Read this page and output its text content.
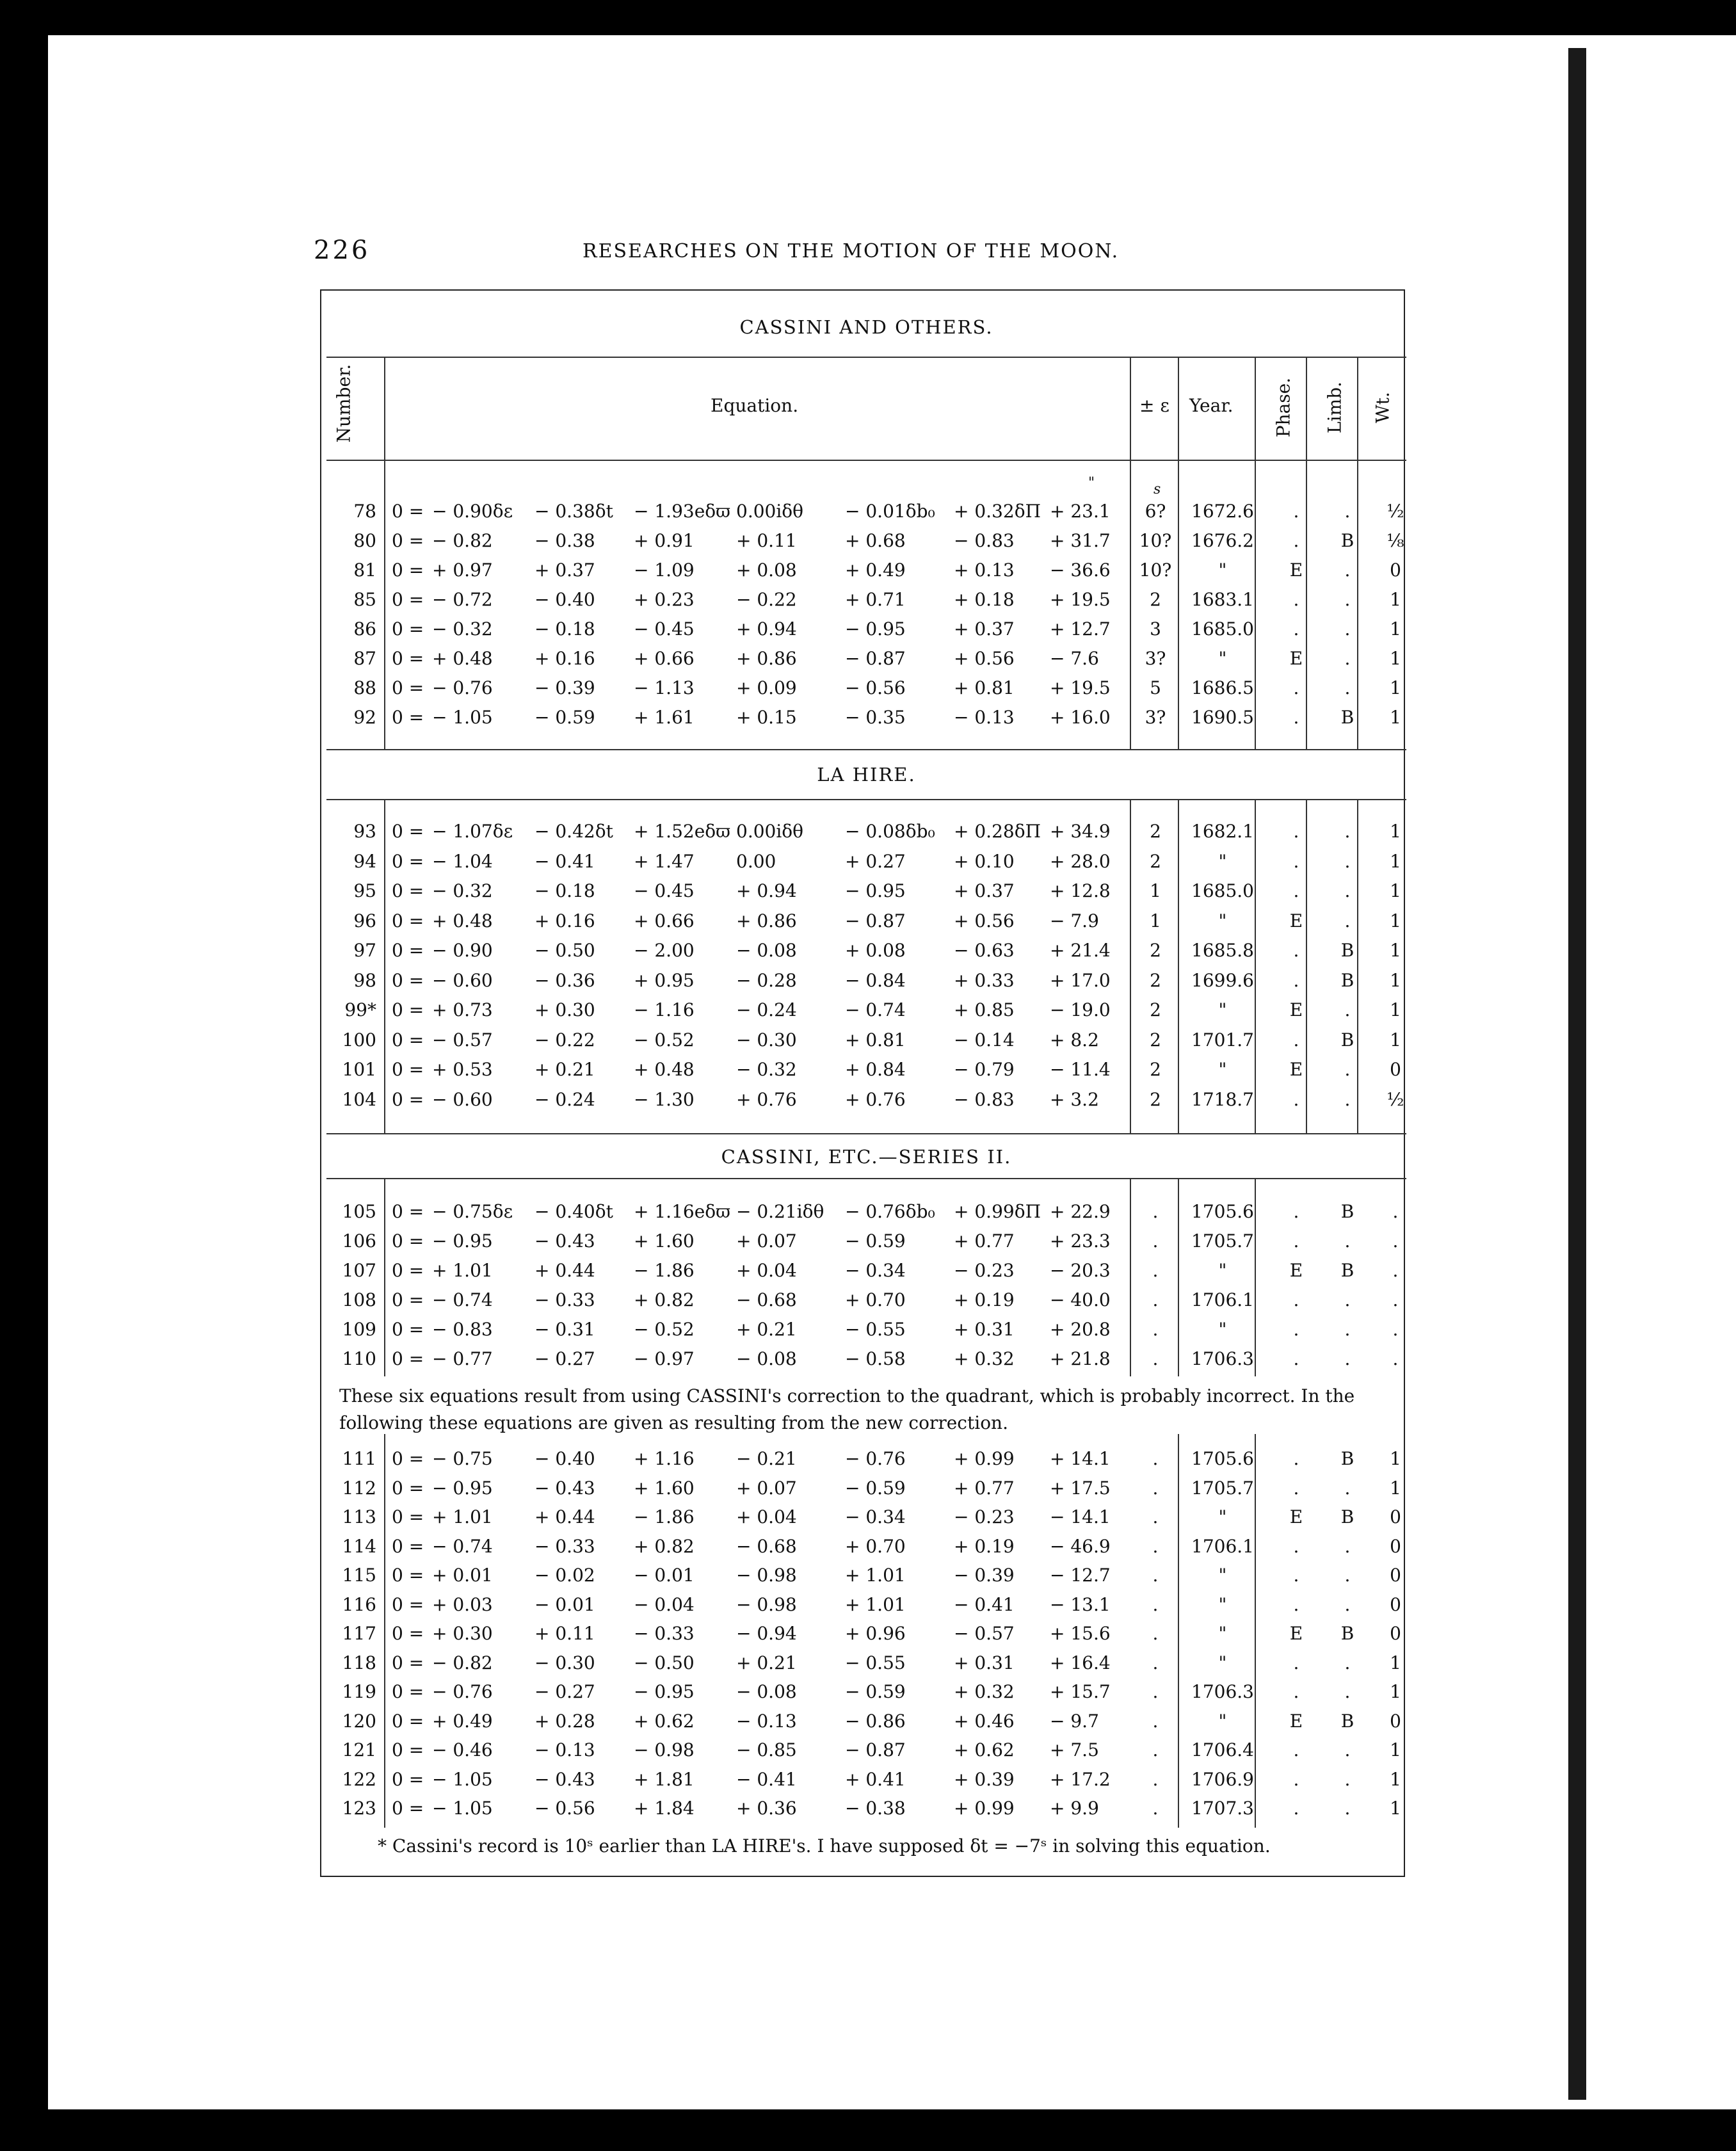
226	RESEARCHES ON THE MOTION OF THE MOON.
CASSINI AND OTHERS.
Number.	Equation.	± ε Year. Phase. Limb. Wt.
s
"
78 0 = − 0.90δε − 0.38δt − 1.93eδϖ 0.00iδθ − 0.01δb₀ + 0.32δΠ + 23.1	6?	1672.6	.	.	½
80 0 = − 0.82 − 0.38 + 0.91 + 0.11	+ 0.68	− 0.83 + 31.7 10?	1676.2	.	B	⅛
81 0 = + 0.97 + 0.37 − 1.09 + 0.08	+ 0.49	+ 0.13 − 36.6 10?	"	E	.	0
85 0 = − 0.72 − 0.40 + 0.23 − 0.22	+ 0.71	+ 0.18 + 19.5	2	1683.1	.	.	1
86 0 = − 0.32 − 0.18 − 0.45 + 0.94	− 0.95	+ 0.37 + 12.7	3	1685.0	.	.	1
87 0 = + 0.48 + 0.16 + 0.66 + 0.86	− 0.87	+ 0.56 − 7.6	3?	"	E	.	1
88 0 = − 0.76 − 0.39 − 1.13 + 0.09	− 0.56	+ 0.81 + 19.5	5	1686.5	.	.	1
92 0 = − 1.05 − 0.59 + 1.61 + 0.15	− 0.35	− 0.13 + 16.0	3?	1690.5	.	B	1
LA HIRE.
93 0 = − 1.07δε − 0.42δt + 1.52eδϖ 0.00iδθ − 0.08δb₀ + 0.28δΠ + 34.9	2	1682.1	.	.	1
94 0 = − 1.04 − 0.41 + 1.47 0.00	+ 0.27	+ 0.10 + 28.0	2	"	.	.	1
95 0 = − 0.32 − 0.18 − 0.45 + 0.94	− 0.95	+ 0.37 + 12.8	1	1685.0	.	.	1
96 0 = + 0.48 + 0.16 + 0.66 + 0.86	− 0.87	+ 0.56 − 7.9	1	"	E	.	1
97 0 = − 0.90 − 0.50 − 2.00 − 0.08	+ 0.08	− 0.63 + 21.4	2	1685.8	.	B	1
98 0 = − 0.60 − 0.36 + 0.95 − 0.28	− 0.84	+ 0.33 + 17.0	2	1699.6	.	B	1
99* 0 = + 0.73 + 0.30 − 1.16 − 0.24	− 0.74	+ 0.85 − 19.0	2	"	E	.	1
100 0 = − 0.57 − 0.22 − 0.52 − 0.30	+ 0.81	− 0.14 + 8.2	2	1701.7	.	B	1
101 0 = + 0.53 + 0.21 + 0.48 − 0.32	+ 0.84	− 0.79 − 11.4	2	"	E	.	0
104 0 = − 0.60 − 0.24 − 1.30 + 0.76	+ 0.76	− 0.83 + 3.2	2	1718.7	.	.	½
CASSINI, ETC.—SERIES II.
105 0 = − 0.75δε − 0.40δt + 1.16eδϖ − 0.21iδθ − 0.76δb₀ + 0.99δΠ + 22.9	.	1705.6	.	B	.
106 0 = − 0.95 − 0.43 + 1.60 + 0.07	− 0.59	+ 0.77 + 23.3	.	1705.7	.	.	.
107 0 = + 1.01 + 0.44 − 1.86 + 0.04	− 0.34	− 0.23 − 20.3	.	"	E	B	.
108 0 = − 0.74 − 0.33 + 0.82 − 0.68	+ 0.70	+ 0.19 − 40.0	.	1706.1	.	.	.
109 0 = − 0.83 − 0.31 − 0.52 + 0.21	− 0.55	+ 0.31 + 20.8	.	"	.	.	.
110 0 = − 0.77 − 0.27 − 0.97 − 0.08	− 0.58	+ 0.32 + 21.8	.	1706.3	.	.	.
These six equations result from using CASSINI's correction to the quadrant, which is probably incorrect. In the following these equations are given as resulting from the new correction.
111 0 = − 0.75 − 0.40 + 1.16 − 0.21	− 0.76	+ 0.99 + 14.1	.	1705.6	.	B	1
112 0 = − 0.95 − 0.43 + 1.60 + 0.07	− 0.59	+ 0.77 + 17.5	.	1705.7	.	.	1
113 0 = + 1.01 + 0.44 − 1.86 + 0.04	− 0.34	− 0.23 − 14.1	.	"	E	B	0
114 0 = − 0.74 − 0.33 + 0.82 − 0.68	+ 0.70	+ 0.19 − 46.9	.	1706.1	.	.	0
115 0 = + 0.01 − 0.02 − 0.01 − 0.98	+ 1.01	− 0.39 − 12.7	.	"	.	.	0
116 0 = + 0.03 − 0.01 − 0.04 − 0.98	+ 1.01	− 0.41 − 13.1	.	"	.	.	0
117 0 = + 0.30 + 0.11 − 0.33 − 0.94	+ 0.96	− 0.57 + 15.6	.	"	E	B	0
118 0 = − 0.82 − 0.30 − 0.50 + 0.21	− 0.55	+ 0.31 + 16.4	.	"	.	.	1
119 0 = − 0.76 − 0.27 − 0.95 − 0.08	− 0.59	+ 0.32 + 15.7	.	1706.3	.	.	1
120 0 = + 0.49 + 0.28 + 0.62 − 0.13	− 0.86	+ 0.46 − 9.7	.	"	E	B	0
121 0 = − 0.46 − 0.13 − 0.98 − 0.85	− 0.87	+ 0.62 + 7.5	.	1706.4	.	.	1
122 0 = − 1.05 − 0.43 + 1.81 − 0.41	+ 0.41	+ 0.39 + 17.2	.	1706.9	.	.	1
123 0 = − 1.05 − 0.56 + 1.84 + 0.36	− 0.38	+ 0.99 + 9.9	.	1707.3	.	.	1
* Cassini's record is 10ˢ earlier than LA HIRE's. I have supposed δt = −7ˢ in solving this equation.
